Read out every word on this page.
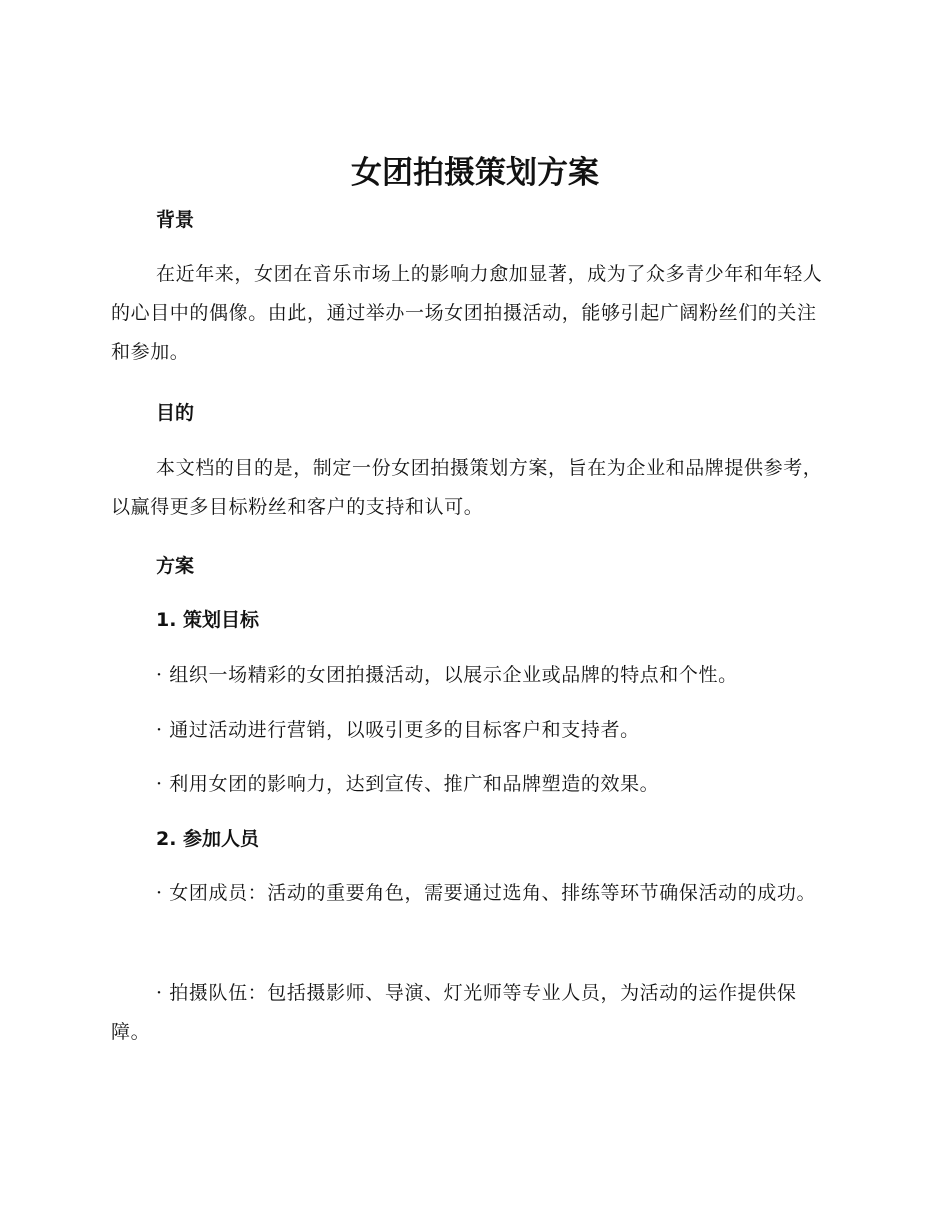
女团拍摄策划方案
背景

在近年来，女团在音乐市场上的影响力愈加显著，成为了众多青少年和年轻人的心目中的偶像。由此，通过举办一场女团拍摄活动，能够引起广阔粉丝们的关注和参加。

目的

本文档的目的是，制定一份女团拍摄策划方案，旨在为企业和品牌提供参考，以赢得更多目标粉丝和客户的支持和认可。

方案
1. 策划目标

· 组织一场精彩的女团拍摄活动，以展示企业或品牌的特点和个性。

· 通过活动进行营销，以吸引更多的目标客户和支持者。

· 利用女团的影响力，达到宣传、推广和品牌塑造的效果。

2. 参加人员

· 女团成员：活动的重要角色，需要通过选角、排练等环节确保活动的成功。

· 拍摄队伍：包括摄影师、导演、灯光师等专业人员，为活动的运作提供保障。
